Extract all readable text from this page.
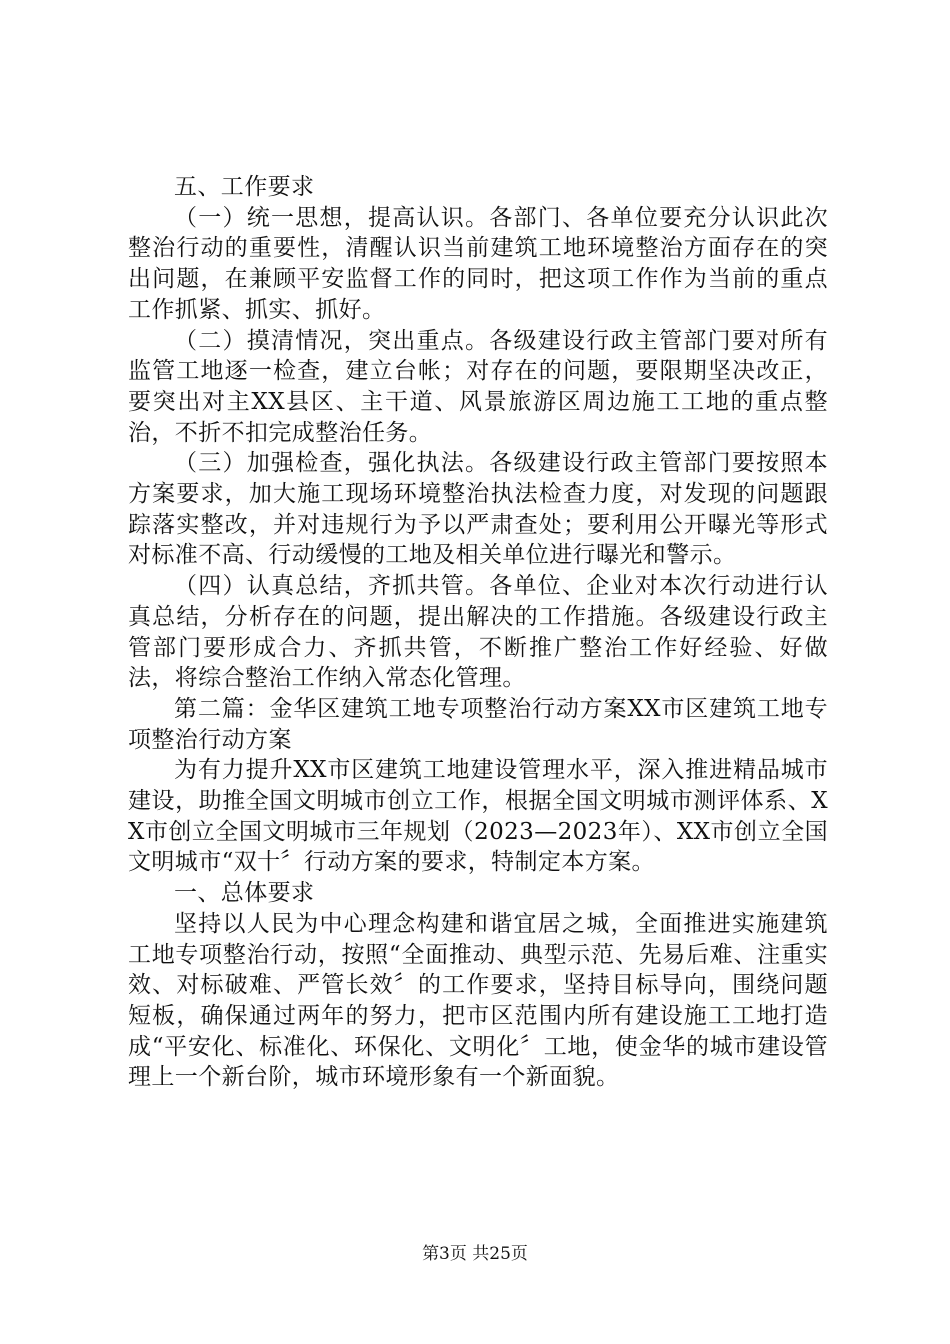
五、工作要求

（一）统一思想，提高认识。各部门、各单位要充分认识此次整治行动的重要性，清醒认识当前建筑工地环境整治方面存在的突出问题，在兼顾平安监督工作的同时，把这项工作作为当前的重点工作抓紧、抓实、抓好。

（二）摸清情况，突出重点。各级建设行政主管部门要对所有监管工地逐一检查，建立台帐；对存在的问题，要限期坚决改正，要突出对主XX县区、主干道、风景旅游区周边施工工地的重点整治，不折不扣完成整治任务。

（三）加强检查，强化执法。各级建设行政主管部门要按照本方案要求，加大施工现场环境整治执法检查力度，对发现的问题跟踪落实整改，并对违规行为予以严肃查处；要利用公开曝光等形式对标准不高、行动缓慢的工地及相关单位进行曝光和警示。

（四）认真总结，齐抓共管。各单位、企业对本次行动进行认真总结，分析存在的问题，提出解决的工作措施。各级建设行政主管部门要形成合力、齐抓共管，不断推广整治工作好经验、好做法，将综合整治工作纳入常态化管理。

第二篇：金华区建筑工地专项整治行动方案XX市区建筑工地专项整治行动方案

为有力提升XX市区建筑工地建设管理水平，深入推进精品城市建设，助推全国文明城市创立工作，根据全国文明城市测评体系、XX市创立全国文明城市三年规划（2023—2023年）、XX市创立全国文明城市“双十〞行动方案的要求，特制定本方案。

一、总体要求

坚持以人民为中心理念构建和谐宜居之城，全面推进实施建筑工地专项整治行动，按照“全面推动、典型示范、先易后难、注重实效、对标破难、严管长效〞的工作要求，坚持目标导向，围绕问题短板，确保通过两年的努力，把市区范围内所有建设施工工地打造成“平安化、标准化、环保化、文明化〞工地，使金华的城市建设管理上一个新台阶，城市环境形象有一个新面貌。

第3页 共25页
